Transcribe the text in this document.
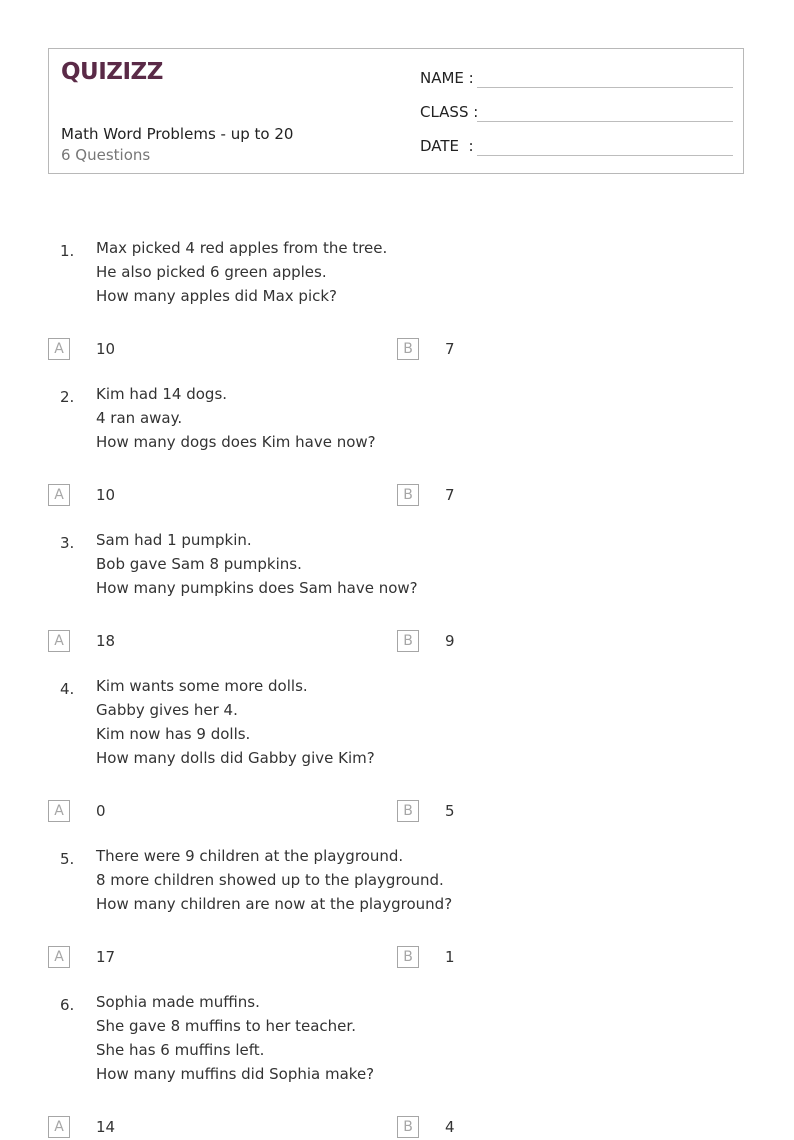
QUIZIZZ
Math Word Problems - up to 20
6 Questions
NAME :
CLASS :
DATE  :
1. Max picked 4 red apples from the tree.
He also picked 6 green apples.
How many apples did Max pick?
A	10	B	7
2. Kim had 14 dogs.
4 ran away.
How many dogs does Kim have now?
A	10	B	7
3. Sam had 1 pumpkin.
Bob gave Sam 8 pumpkins.
How many pumpkins does Sam have now?
A	18	B	9
4. Kim wants some more dolls.
Gabby gives her 4.
Kim now has 9 dolls.
How many dolls did Gabby give Kim?
A	0	B	5
5. There were 9 children at the playground.
8 more children showed up to the playground.
How many children are now at the playground?
A	17	B	1
6. Sophia made muffins.
She gave 8 muffins to her teacher.
She has 6 muffins left.
How many muffins did Sophia make?
A	14	B	4
